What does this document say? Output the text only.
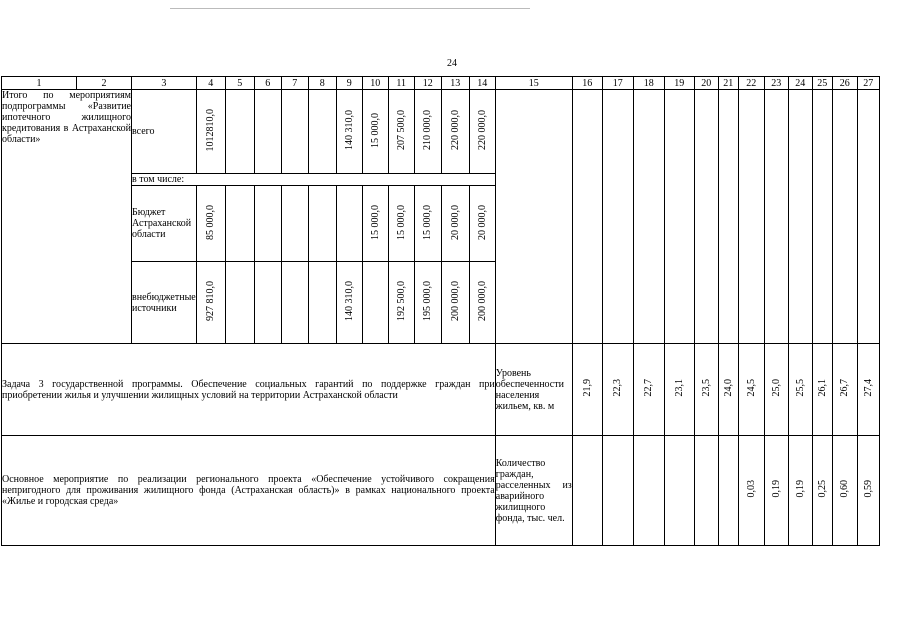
24
1	2	3	4	5	6	7	8	9	10	11	12	13	14	15	16	17	18	19	20	21	22	23	24	25	26	27
Итого по мероприятиям подпрограммы «Развитие ипотечного жилищного кредитования в Астраханской области»		всего	1012810,0					140 310,0	15 000,0	207 500,0	210 000,0	220 000,0	220 000,0													
		в том числе:																								
		Бюджет Астраханской области	85 000,0						15 000,0	15 000,0	15 000,0	20 000,0	20 000,0													
		внебюджетные источники	927 810,0					140 310,0		192 500,0	195 000,0	200 000,0	200 000,0													
Задача 3 государственной программы. Обеспечение социальных гарантий по поддержке граждан при приобретении жилья и улучшении жилищных условий на территории Астраханской области														Уровень обеспеченности населения жильем, кв. м	21,9	22,3	22,7	23,1	23,5	24,0	24,5	25,0	25,5	26,1	26,7	27,4
Основное мероприятие по реализации регионального проекта «Обеспечение устойчивого сокращения непригодного для проживания жилищного фонда (Астраханская область)» в рамках национального проекта «Жилье и городская среда»														Количество граждан, расселенных из аварийного жилищного фонда, тыс. чел.							0,03	0,19	0,19	0,25	0,60	0,59
